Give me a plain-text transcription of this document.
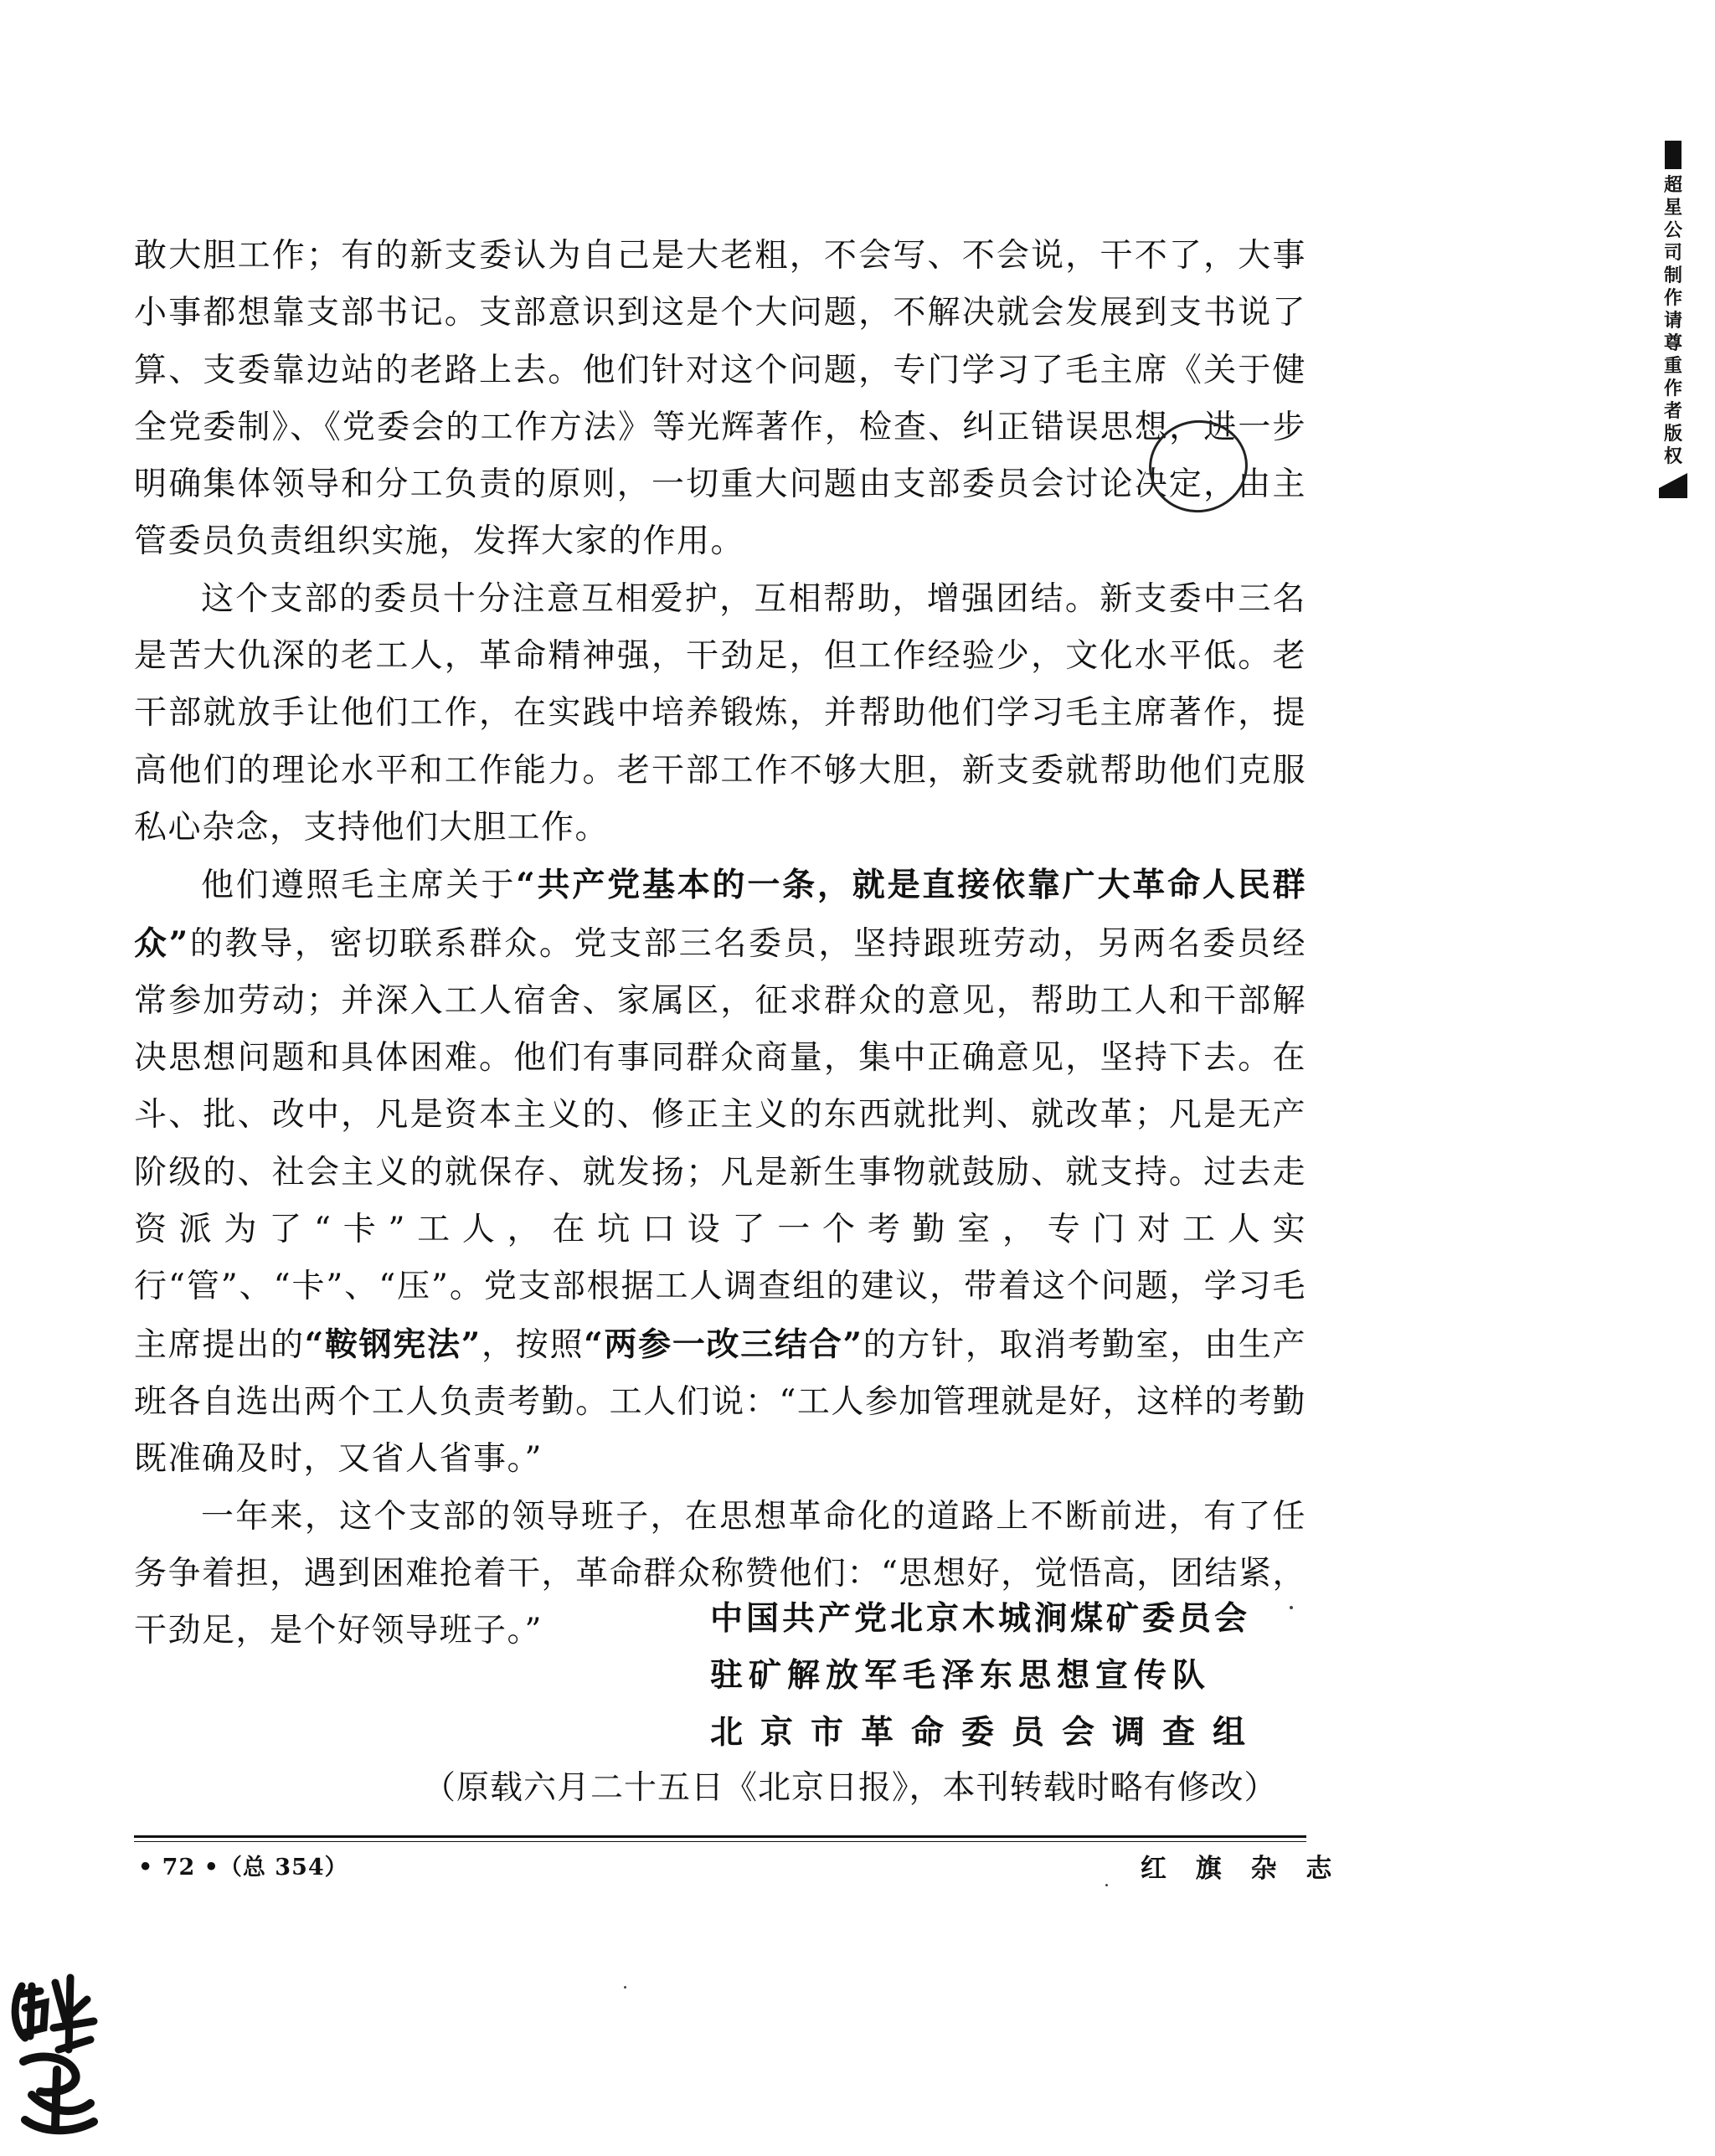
敢大胆工作；有的新支委认为自己是大老粗，不会写、不会说，干不了，大事小事都想靠支部书记。支部意识到这是个大问题，不解决就会发展到支书说了算、支委靠边站的老路上去。他们针对这个问题，专门学习了毛主席《关于健全党委制》、《党委会的工作方法》等光辉著作，检查、纠正错误思想，进一步明确集体领导和分工负责的原则，一切重大问题由支部委员会讨论决定，由主管委员负责组织实施，发挥大家的作用。

这个支部的委员十分注意互相爱护，互相帮助，增强团结。新支委中三名是苦大仇深的老工人，革命精神强，干劲足，但工作经验少，文化水平低。老干部就放手让他们工作，在实践中培养锻炼，并帮助他们学习毛主席著作，提高他们的理论水平和工作能力。老干部工作不够大胆，新支委就帮助他们克服私心杂念，支持他们大胆工作。

他们遵照毛主席关于“共产党基本的一条，就是直接依靠广大革命人民群众”的教导，密切联系群众。党支部三名委员，坚持跟班劳动，另两名委员经常参加劳动；并深入工人宿舍、家属区，征求群众的意见，帮助工人和干部解决思想问题和具体困难。他们有事同群众商量，集中正确意见，坚持下去。在斗、批、改中，凡是资本主义的、修正主义的东西就批判、就改革；凡是无产阶级的、社会主义的就保存、就发扬；凡是新生事物就鼓励、就支持。过去走资派为了“卡”工人，在坑口设了一个考勤室，专门对工人实行“管”、“卡”、“压”。党支部根据工人调查组的建议，带着这个问题，学习毛主席提出的“鞍钢宪法”，按照“两参一改三结合”的方针，取消考勤室，由生产班各自选出两个工人负责考勤。工人们说：“工人参加管理就是好，这样的考勤既准确及时，又省人省事。”

一年来，这个支部的领导班子，在思想革命化的道路上不断前进，有了任务争着担，遇到困难抢着干，革命群众称赞他们：“思想好，觉悟高，团结紧，干劲足，是个好领导班子。”	中国共产党北京木城涧煤矿委员会
驻矿解放军毛泽东思想宣传队
北京市革命委员会调查组
（原载六月二十五日《北京日报》，本刊转载时略有修改）
• 72 •（总 354）	红 旗 杂 志
超星公司制作请尊重作者版权
